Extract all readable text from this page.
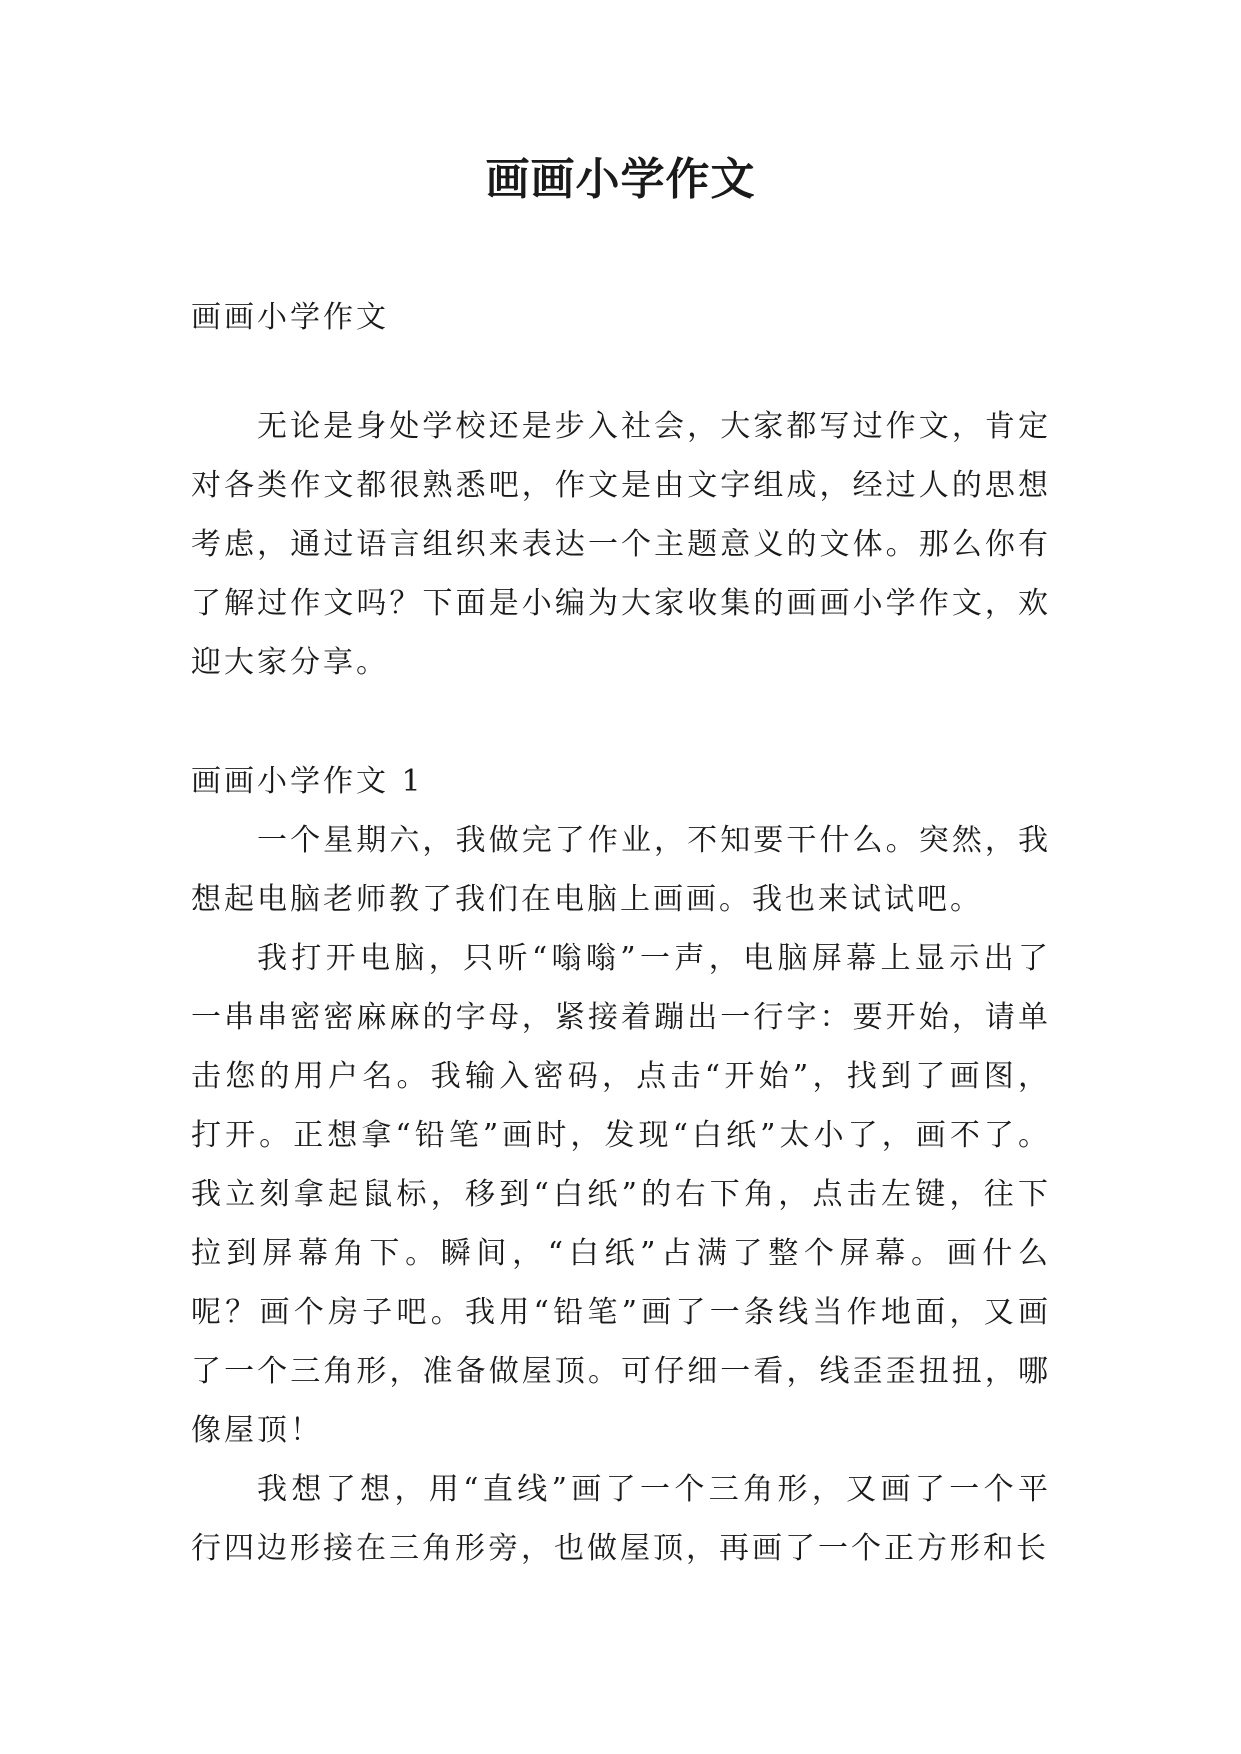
画画小学作文

画画小学作文

无论是身处学校还是步入社会，大家都写过作文，肯定对各类作文都很熟悉吧，作文是由文字组成，经过人的思想考虑，通过语言组织来表达一个主题意义的文体。那么你有了解过作文吗？下面是小编为大家收集的画画小学作文，欢迎大家分享。

画画小学作文 1

一个星期六，我做完了作业，不知要干什么。突然，我想起电脑老师教了我们在电脑上画画。我也来试试吧。

我打开电脑，只听“嗡嗡”一声，电脑屏幕上显示出了一串串密密麻麻的字母，紧接着蹦出一行字：要开始，请单击您的用户名。我输入密码，点击“开始”，找到了画图，打开。正想拿“铅笔”画时，发现“白纸”太小了，画不了。我立刻拿起鼠标，移到“白纸”的右下角，点击左键，往下拉到屏幕角下。瞬间，“白纸”占满了整个屏幕。画什么呢？画个房子吧。我用“铅笔”画了一条线当作地面，又画了一个三角形，准备做屋顶。可仔细一看，线歪歪扭扭，哪像屋顶！

我想了想，用“直线”画了一个三角形，又画了一个平行四边形接在三角形旁，也做屋顶，再画了一个正方形和长
